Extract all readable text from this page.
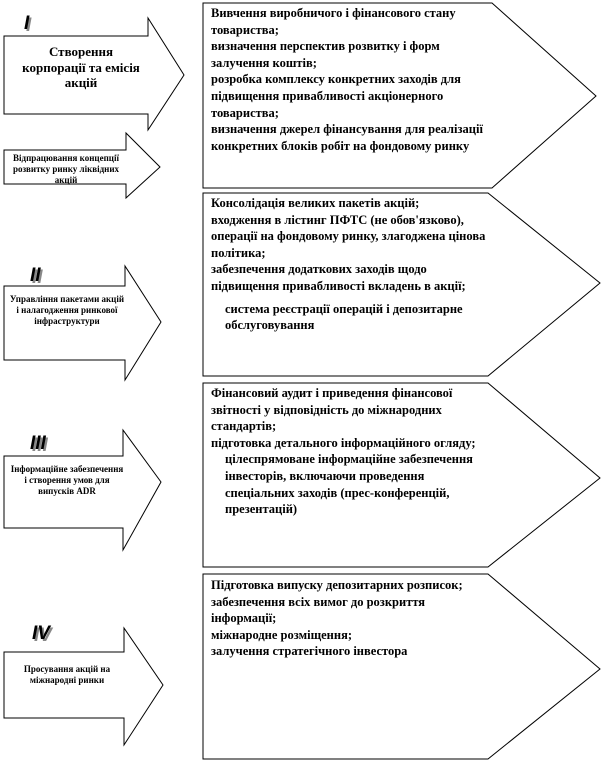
I
Створення корпорації та емісія акцій
Відпрацювання концепції розвитку ринку ліквідних акцій
Вивчення виробничого і фінансового стану товариства;
визначення перспектив розвитку і форм залучення коштів;
розробка комплексу конкретних заходів для підвищення привабливості акціонерного товариства;
визначення джерел фінансування для реалізації конкретних блоків робіт на фондовому ринку
II
Управління пакетами акцій і налагодження ринкової інфраструктури
Консолідація великих пакетів акцій;
входження в лістинг ПФТС (не обов'язково), операції на фондовому ринку, злагоджена цінова політика;
забезпечення додаткових заходів щодо підвищення привабливості вкладень в акції;
система реєстрації операцій і депозитарне обслуговування
III
Інформаційне забезпечення і створення умов для випусків ADR
Фінансовий аудит і приведення фінансової звітності у відповідність до міжнародних стандартів;
підготовка детального інформаційного огляду;
цілеспрямоване інформаційне забезпечення інвесторів, включаючи проведення спеціальних заходів (прес-конференцій, презентацій)
IV
Просування акцій на міжнародні ринки
Підготовка випуску депозитарних розписок;
забезпечення всіх вимог до розкриття інформації;
міжнародне розміщення;
залучення стратегічного інвестора
